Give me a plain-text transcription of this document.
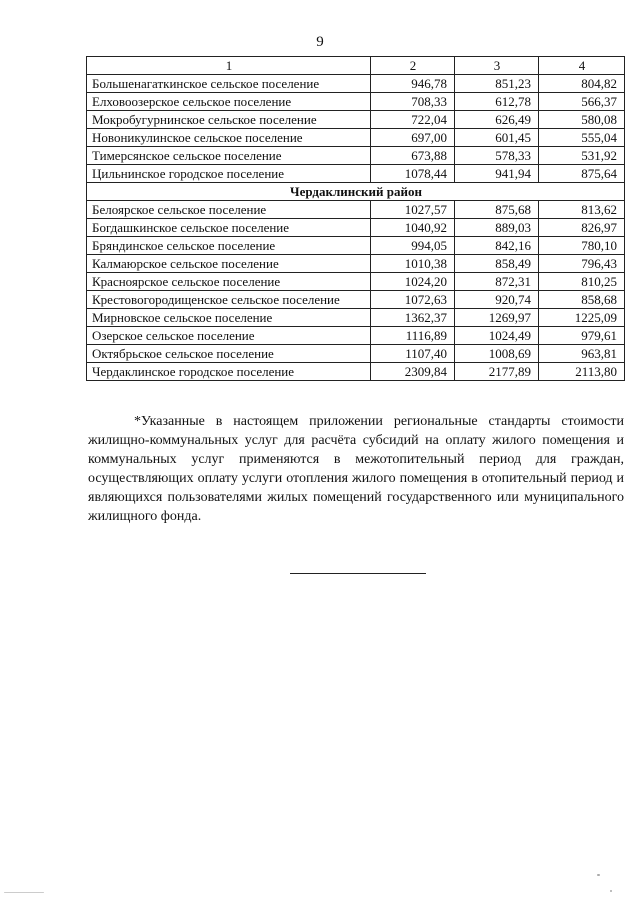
9
1	2	3	4
Большенагаткинское сельское поселение	946,78	851,23	804,82
Елховоозерское сельское поселение	708,33	612,78	566,37
Мокробугурнинское сельское поселение	722,04	626,49	580,08
Новоникулинское сельское поселение	697,00	601,45	555,04
Тимерсянское сельское поселение	673,88	578,33	531,92
Цильнинское городское поселение	1078,44	941,94	875,64
Чердаклинский район			
Белоярское сельское поселение	1027,57	875,68	813,62
Богдашкинское сельское поселение	1040,92	889,03	826,97
Бряндинское сельское поселение	994,05	842,16	780,10
Калмаюрское сельское поселение	1010,38	858,49	796,43
Красноярское сельское поселение	1024,20	872,31	810,25
Крестовогородищенское сельское поселение	1072,63	920,74	858,68
Мирновское сельское поселение	1362,37	1269,97	1225,09
Озерское сельское поселение	1116,89	1024,49	979,61
Октябрьское сельское поселение	1107,40	1008,69	963,81
Чердаклинское городское поселение	2309,84	2177,89	2113,80

*Указанные в настоящем приложении региональные стандарты стоимости жилищно-коммунальных услуг для расчёта субсидий на оплату жилого помещения и коммунальных услуг применяются в межотопительный период для граждан, осуществляющих оплату услуги отопления жилого помещения в отопительный период и являющихся пользователями жилых помещений государственного или муниципального жилищного фонда.
